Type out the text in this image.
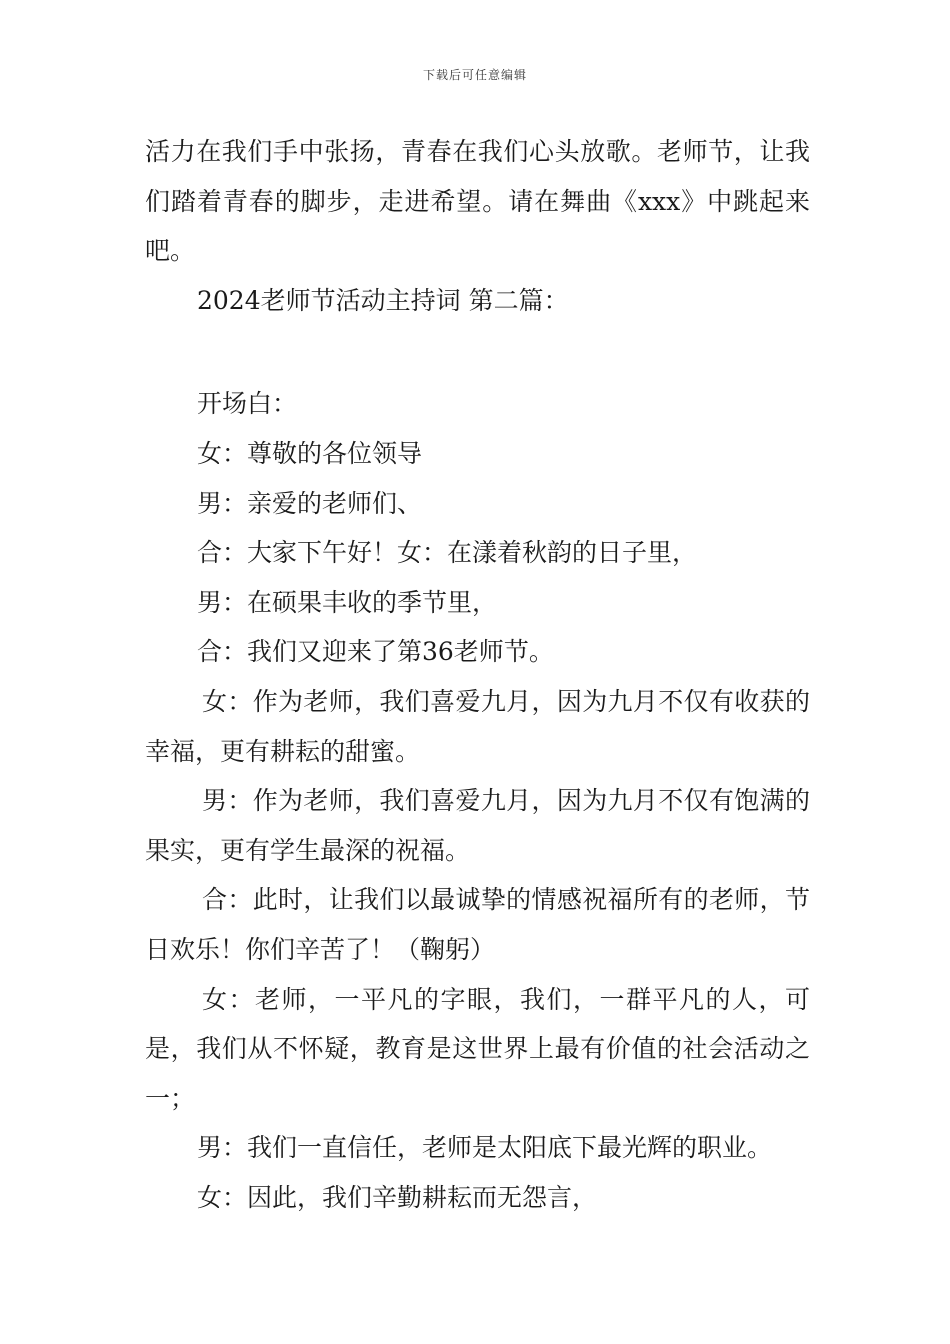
下载后可任意编辑

活力在我们手中张扬，青春在我们心头放歌。老师节，让我们踏着青春的脚步，走进希望。请在舞曲《xxx》中跳起来吧。

2024老师节活动主持词 第二篇：

开场白：

女：尊敬的各位领导

男：亲爱的老师们、

合：大家下午好！女：在漾着秋韵的日子里，

男：在硕果丰收的季节里，

合：我们又迎来了第36老师节。

女：作为老师，我们喜爱九月，因为九月不仅有收获的幸福，更有耕耘的甜蜜。

男：作为老师，我们喜爱九月，因为九月不仅有饱满的果实，更有学生最深的祝福。

合：此时，让我们以最诚挚的情感祝福所有的老师，节日欢乐！你们辛苦了！（鞠躬）

女：老师，一平凡的字眼，我们，一群平凡的人，可是，我们从不怀疑，教育是这世界上最有价值的社会活动之一；

男：我们一直信任，老师是太阳底下最光辉的职业。

女：因此，我们辛勤耕耘而无怨言，
